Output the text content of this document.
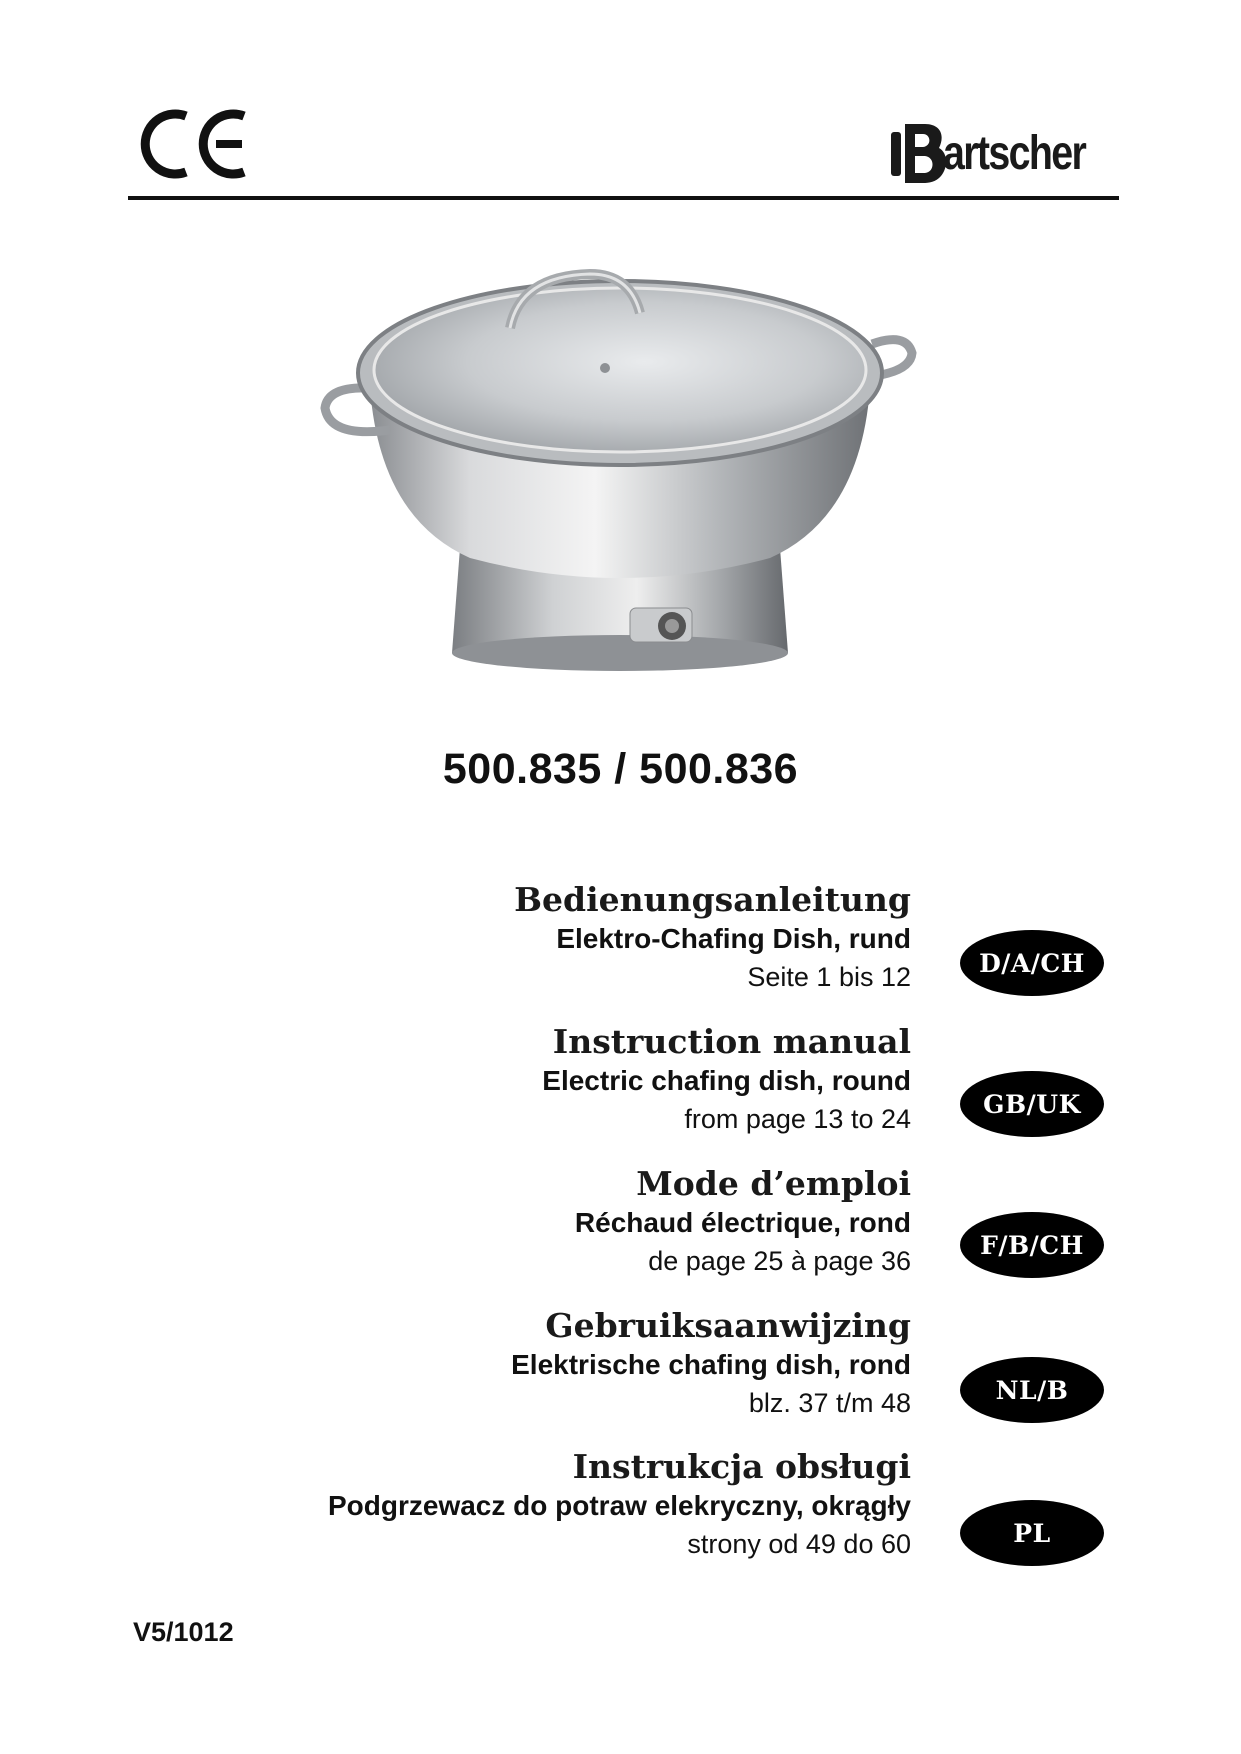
artscher
500.835 / 500.836
Bedienungsanleitung
Elektro-Chafing Dish, rund
Seite 1 bis 12	D/A/CH
Instruction manual
Electric chafing dish, round
from page 13 to 24	GB/UK
Mode d’emploi
Réchaud électrique, rond
de page 25 à page 36
F/B/CH
Gebruiksaanwijzing
Elektrische chafing dish, rond
blz. 37 t/m 48	NL/B
Instrukcja obsługi
Podgrzewacz do potraw elekryczny, okrągły
strony od 49 do 60	PL
V5/1012
